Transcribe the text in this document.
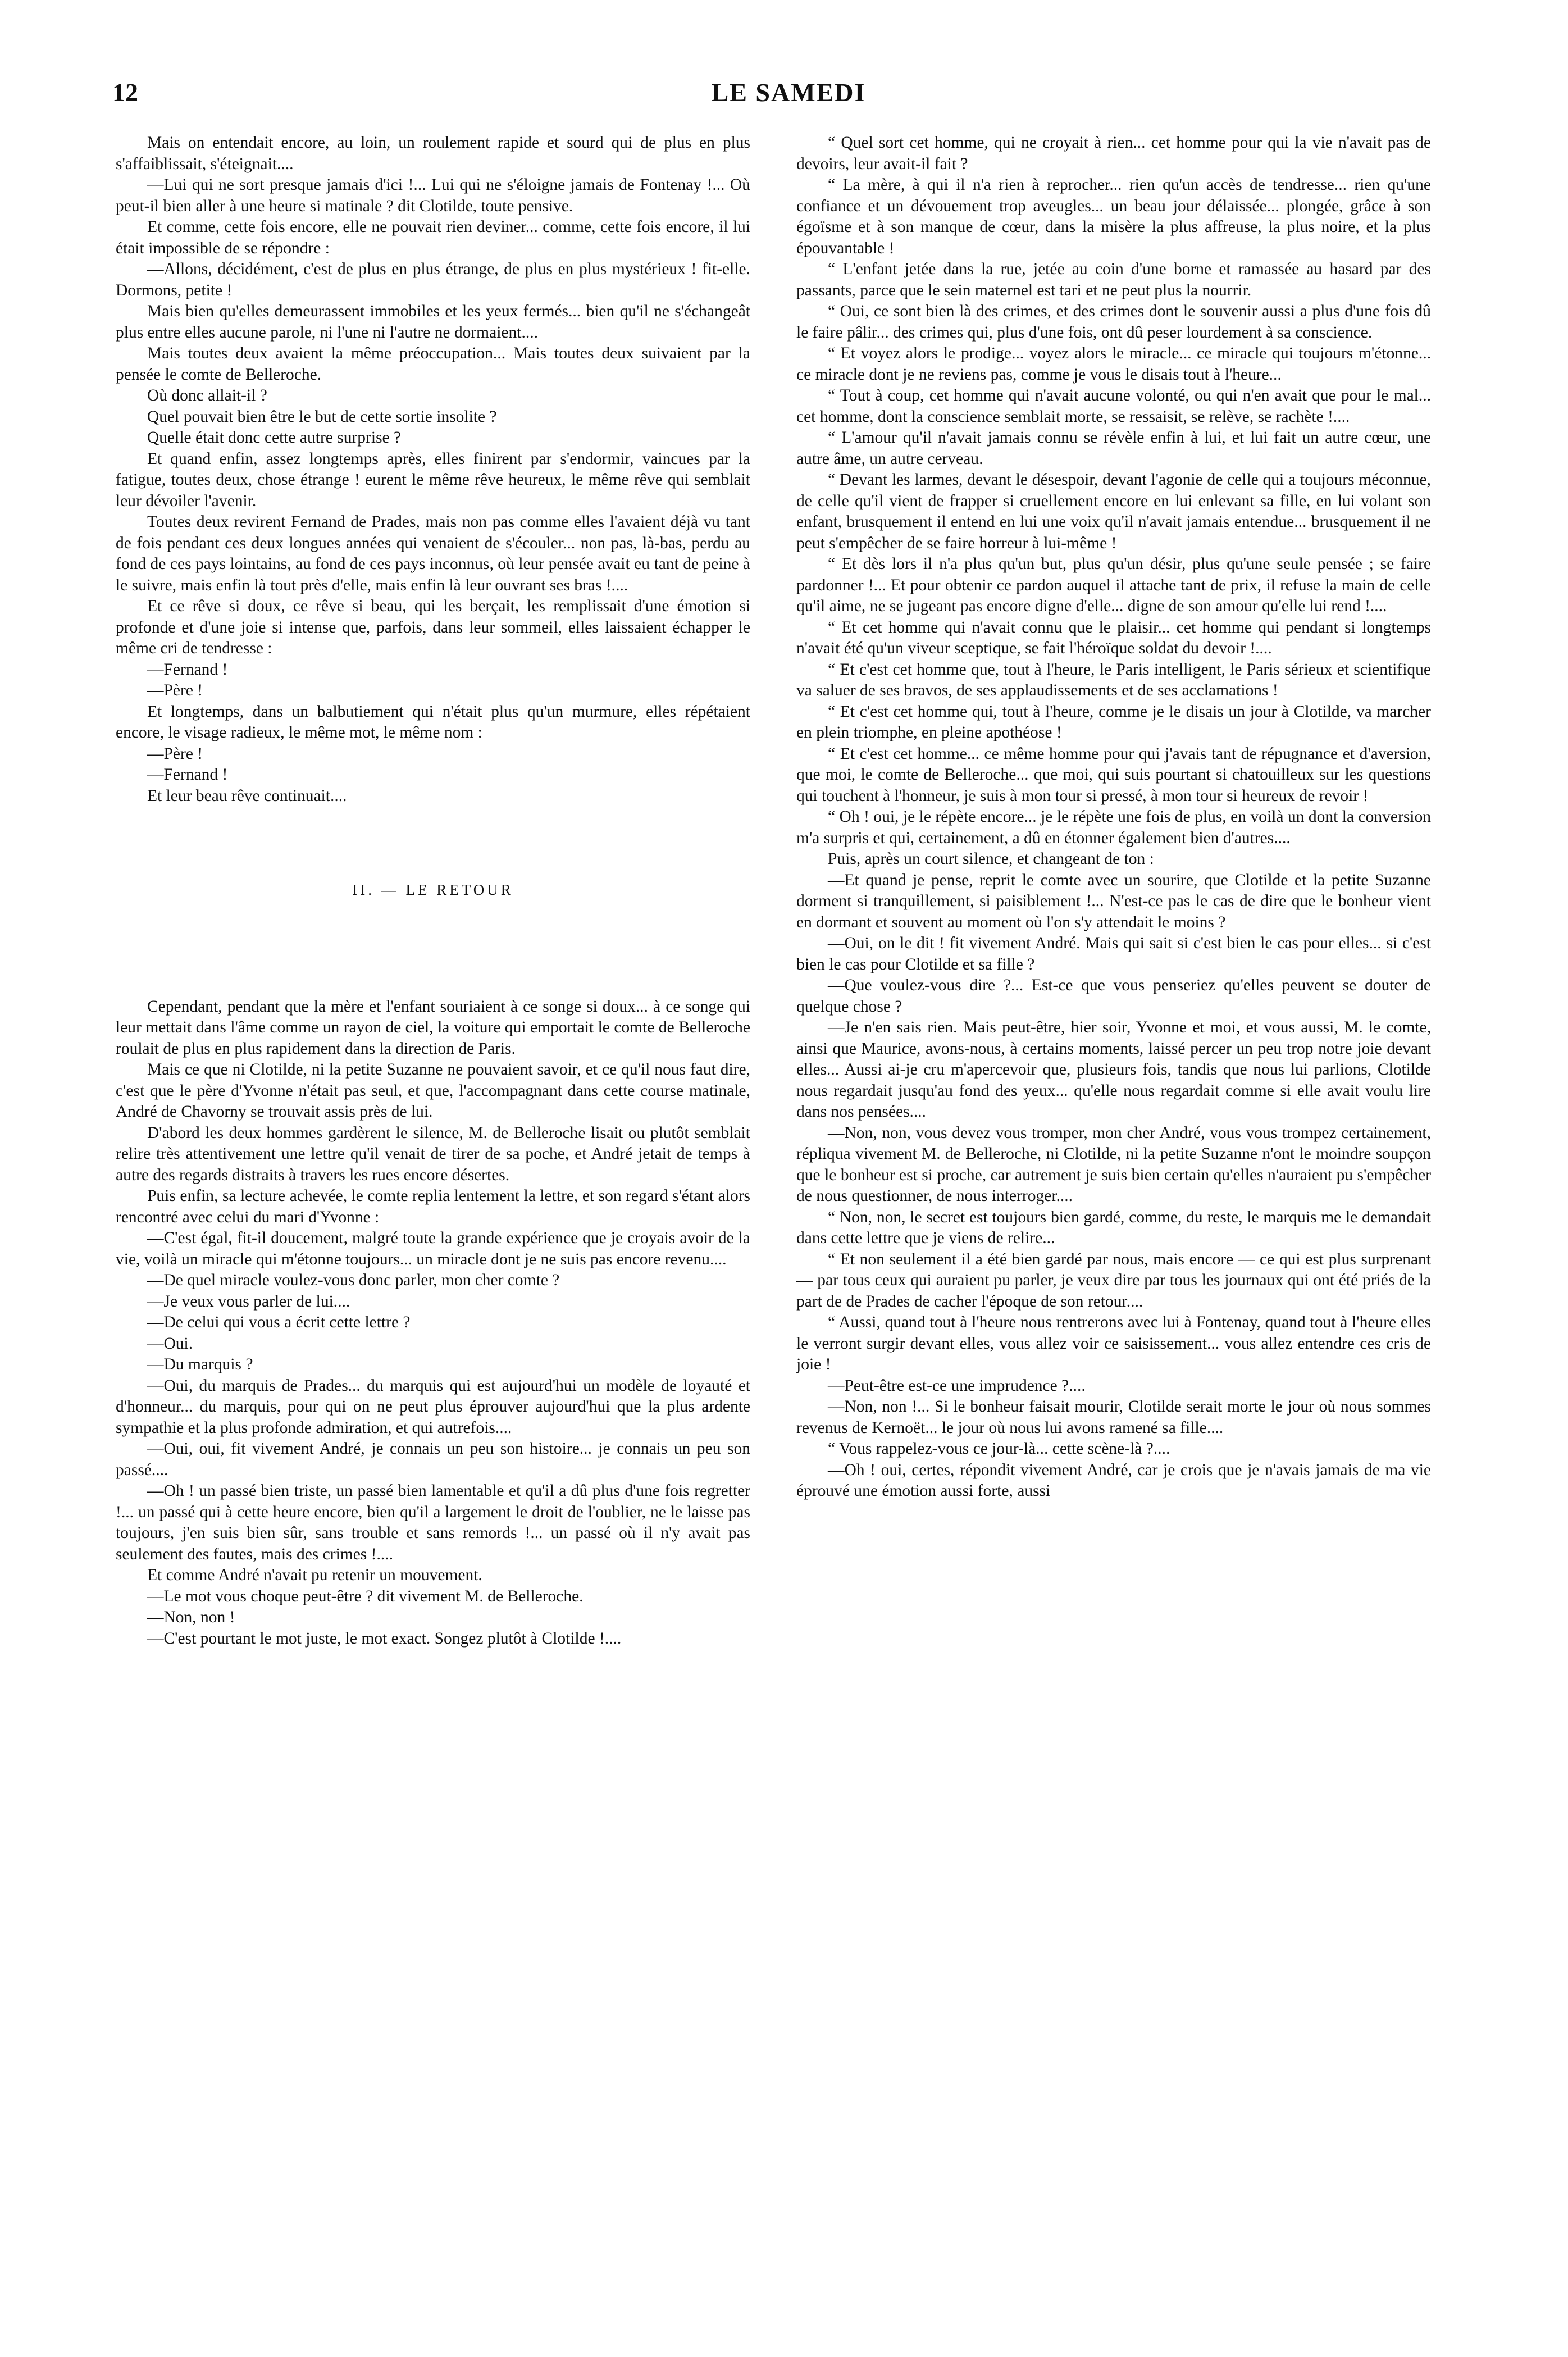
12	LE SAMEDI

Mais on entendait encore, au loin, un roulement rapide et sourd qui de plus en plus s'affaiblissait, s'éteignait....

—Lui qui ne sort presque jamais d'ici !... Lui qui ne s'éloigne jamais de Fontenay !... Où peut-il bien aller à une heure si matinale ? dit Clotilde, toute pensive.

Et comme, cette fois encore, elle ne pouvait rien deviner... comme, cette fois encore, il lui était impossible de se répondre :

—Allons, décidément, c'est de plus en plus étrange, de plus en plus mystérieux ! fit-elle. Dormons, petite !

Mais bien qu'elles demeurassent immobiles et les yeux fermés... bien qu'il ne s'échangeât plus entre elles aucune parole, ni l'une ni l'autre ne dormaient....

Mais toutes deux avaient la même préoccupation... Mais toutes deux suivaient par la pensée le comte de Belleroche.

Où donc allait-il ?

Quel pouvait bien être le but de cette sortie insolite ?

Quelle était donc cette autre surprise ?

Et quand enfin, assez longtemps après, elles finirent par s'endormir, vaincues par la fatigue, toutes deux, chose étrange ! eurent le même rêve heureux, le même rêve qui semblait leur dévoiler l'avenir.

Toutes deux revirent Fernand de Prades, mais non pas comme elles l'avaient déjà vu tant de fois pendant ces deux longues années qui venaient de s'écouler... non pas, là-bas, perdu au fond de ces pays lointains, au fond de ces pays inconnus, où leur pensée avait eu tant de peine à le suivre, mais enfin là tout près d'elle, mais enfin là leur ouvrant ses bras !....

Et ce rêve si doux, ce rêve si beau, qui les berçait, les remplissait d'une émotion si profonde et d'une joie si intense que, parfois, dans leur sommeil, elles laissaient échapper le même cri de tendresse :

—Fernand !

—Père !

Et longtemps, dans un balbutiement qui n'était plus qu'un murmure, elles répétaient encore, le visage radieux, le même mot, le même nom :

—Père !

—Fernand !

Et leur beau rêve continuait....

II. — LE RETOUR

Cependant, pendant que la mère et l'enfant souriaient à ce songe si doux... à ce songe qui leur mettait dans l'âme comme un rayon de ciel, la voiture qui emportait le comte de Belleroche roulait de plus en plus rapidement dans la direction de Paris.

Mais ce que ni Clotilde, ni la petite Suzanne ne pouvaient savoir, et ce qu'il nous faut dire, c'est que le père d'Yvonne n'était pas seul, et que, l'accompagnant dans cette course matinale, André de Chavorny se trouvait assis près de lui.

D'abord les deux hommes gardèrent le silence, M. de Belleroche lisait ou plutôt semblait relire très attentivement une lettre qu'il venait de tirer de sa poche, et André jetait de temps à autre des regards distraits à travers les rues encore désertes.

Puis enfin, sa lecture achevée, le comte replia lentement la lettre, et son regard s'étant alors rencontré avec celui du mari d'Yvonne :

—C'est égal, fit-il doucement, malgré toute la grande expérience que je croyais avoir de la vie, voilà un miracle qui m'étonne toujours... un miracle dont je ne suis pas encore revenu....

—De quel miracle voulez-vous donc parler, mon cher comte ?

—Je veux vous parler de lui....

—De celui qui vous a écrit cette lettre ?

—Oui.

—Du marquis ?

—Oui, du marquis de Prades... du marquis qui est aujourd'hui un modèle de loyauté et d'honneur... du marquis, pour qui on ne peut plus éprouver aujourd'hui que la plus ardente sympathie et la plus profonde admiration, et qui autrefois....

—Oui, oui, fit vivement André, je connais un peu son histoire... je connais un peu son passé....

—Oh ! un passé bien triste, un passé bien lamentable et qu'il a dû plus d'une fois regretter !... un passé qui à cette heure encore, bien qu'il a largement le droit de l'oublier, ne le laisse pas toujours, j'en suis bien sûr, sans trouble et sans remords !... un passé où il n'y avait pas seulement des fautes, mais des crimes !....

Et comme André n'avait pu retenir un mouvement.

—Le mot vous choque peut-être ? dit vivement M. de Belleroche.

—Non, non !

—C'est pourtant le mot juste, le mot exact. Songez plutôt à Clotilde !....

“ Quel sort cet homme, qui ne croyait à rien... cet homme pour qui la vie n'avait pas de devoirs, leur avait-il fait ?

“ La mère, à qui il n'a rien à reprocher... rien qu'un accès de tendresse... rien qu'une confiance et un dévouement trop aveugles... un beau jour délaissée... plongée, grâce à son égoïsme et à son manque de cœur, dans la misère la plus affreuse, la plus noire, et la plus épouvantable !

“ L'enfant jetée dans la rue, jetée au coin d'une borne et ramassée au hasard par des passants, parce que le sein maternel est tari et ne peut plus la nourrir.

“ Oui, ce sont bien là des crimes, et des crimes dont le souvenir aussi a plus d'une fois dû le faire pâlir... des crimes qui, plus d'une fois, ont dû peser lourdement à sa conscience.

“ Et voyez alors le prodige... voyez alors le miracle... ce miracle qui toujours m'étonne... ce miracle dont je ne reviens pas, comme je vous le disais tout à l'heure...

“ Tout à coup, cet homme qui n'avait aucune volonté, ou qui n'en avait que pour le mal... cet homme, dont la conscience semblait morte, se ressaisit, se relève, se rachète !....

“ L'amour qu'il n'avait jamais connu se révèle enfin à lui, et lui fait un autre cœur, une autre âme, un autre cerveau.

“ Devant les larmes, devant le désespoir, devant l'agonie de celle qui a toujours méconnue, de celle qu'il vient de frapper si cruellement encore en lui enlevant sa fille, en lui volant son enfant, brusquement il entend en lui une voix qu'il n'avait jamais entendue... brusquement il ne peut s'empêcher de se faire horreur à lui-même !

“ Et dès lors il n'a plus qu'un but, plus qu'un désir, plus qu'une seule pensée ; se faire pardonner !... Et pour obtenir ce pardon auquel il attache tant de prix, il refuse la main de celle qu'il aime, ne se jugeant pas encore digne d'elle... digne de son amour qu'elle lui rend !....

“ Et cet homme qui n'avait connu que le plaisir... cet homme qui pendant si longtemps n'avait été qu'un viveur sceptique, se fait l'héroïque soldat du devoir !....

“ Et c'est cet homme que, tout à l'heure, le Paris intelligent, le Paris sérieux et scientifique va saluer de ses bravos, de ses applaudissements et de ses acclamations !

“ Et c'est cet homme qui, tout à l'heure, comme je le disais un jour à Clotilde, va marcher en plein triomphe, en pleine apothéose !

“ Et c'est cet homme... ce même homme pour qui j'avais tant de répugnance et d'aversion, que moi, le comte de Belleroche... que moi, qui suis pourtant si chatouilleux sur les questions qui touchent à l'honneur, je suis à mon tour si pressé, à mon tour si heureux de revoir !

“ Oh ! oui, je le répète encore... je le répète une fois de plus, en voilà un dont la conversion m'a surpris et qui, certainement, a dû en étonner également bien d'autres....

Puis, après un court silence, et changeant de ton :

—Et quand je pense, reprit le comte avec un sourire, que Clotilde et la petite Suzanne dorment si tranquillement, si paisiblement !... N'est-ce pas le cas de dire que le bonheur vient en dormant et souvent au moment où l'on s'y attendait le moins ?

—Oui, on le dit ! fit vivement André. Mais qui sait si c'est bien le cas pour elles... si c'est bien le cas pour Clotilde et sa fille ?

—Que voulez-vous dire ?... Est-ce que vous penseriez qu'elles peuvent se douter de quelque chose ?

—Je n'en sais rien. Mais peut-être, hier soir, Yvonne et moi, et vous aussi, M. le comte, ainsi que Maurice, avons-nous, à certains moments, laissé percer un peu trop notre joie devant elles... Aussi ai-je cru m'apercevoir que, plusieurs fois, tandis que nous lui parlions, Clotilde nous regardait jusqu'au fond des yeux... qu'elle nous regardait comme si elle avait voulu lire dans nos pensées....

—Non, non, vous devez vous tromper, mon cher André, vous vous trompez certainement, répliqua vivement M. de Belleroche, ni Clotilde, ni la petite Suzanne n'ont le moindre soupçon que le bonheur est si proche, car autrement je suis bien certain qu'elles n'auraient pu s'empêcher de nous questionner, de nous interroger....

“ Non, non, le secret est toujours bien gardé, comme, du reste, le marquis me le demandait dans cette lettre que je viens de relire...

“ Et non seulement il a été bien gardé par nous, mais encore — ce qui est plus surprenant — par tous ceux qui auraient pu parler, je veux dire par tous les journaux qui ont été priés de la part de de Prades de cacher l'époque de son retour....

“ Aussi, quand tout à l'heure nous rentrerons avec lui à Fontenay, quand tout à l'heure elles le verront surgir devant elles, vous allez voir ce saisissement... vous allez entendre ces cris de joie !

—Peut-être est-ce une imprudence ?....

—Non, non !... Si le bonheur faisait mourir, Clotilde serait morte le jour où nous sommes revenus de Kernoët... le jour où nous lui avons ramené sa fille....

“ Vous rappelez-vous ce jour-là... cette scène-là ?....

—Oh ! oui, certes, répondit vivement André, car je crois que je n'avais jamais de ma vie éprouvé une émotion aussi forte, aussi
